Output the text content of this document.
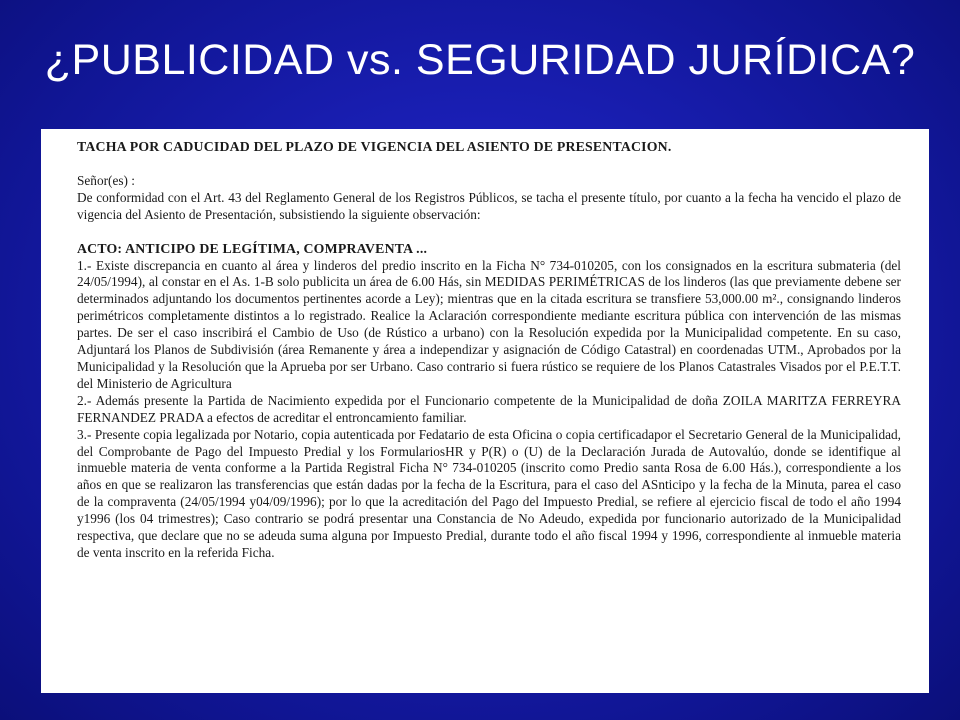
¿PUBLICIDAD vs. SEGURIDAD JURÍDICA?

TACHA POR CADUCIDAD DEL PLAZO DE VIGENCIA DEL ASIENTO DE PRESENTACION.

Señor(es) :

De conformidad con el Art. 43 del Reglamento General de los Registros Públicos, se tacha el presente título, por cuanto a la fecha ha vencido el plazo de vigencia del Asiento de Presentación, subsistiendo la siguiente observación:

ACTO: ANTICIPO DE LEGÍTIMA, COMPRAVENTA ...

1.- Existe discrepancia en cuanto al área y linderos del predio inscrito en la Ficha N° 734-010205, con los consignados en la escritura submateria (del 24/05/1994), al constar en el As. 1-B solo publicita un área de 6.00 Hás, sin MEDIDAS PERIMÉTRICAS de los linderos (las que previamente debene ser determinados adjuntando los documentos pertinentes acorde a Ley); mientras que en la citada escritura se transfiere 53,000.00 m²., consignando linderos perimétricos completamente distintos a lo registrado. Realice la Aclaración correspondiente mediante escritura pública con intervención de las mismas partes. De ser el caso inscribirá el Cambio de Uso (de Rústico a urbano) con la Resolución expedida por la Municipalidad competente. En su caso, Adjuntará los Planos de Subdivisión (área Remanente y área a independizar y asignación de Código Catastral) en coordenadas UTM., Aprobados por la Municipalidad y la Resolución que la Aprueba por ser Urbano. Caso contrario si fuera rústico se requiere de los Planos Catastrales Visados por el P.E.T.T. del Ministerio de Agricultura

2.- Además presente la Partida de Nacimiento expedida por el Funcionario competente de la Municipalidad de doña ZOILA MARITZA FERREYRA FERNANDEZ PRADA a efectos de acreditar el entroncamiento familiar.

3.- Presente copia legalizada por Notario, copia autenticada por Fedatario de esta Oficina o copia certificadapor el Secretario General de la Municipalidad, del Comprobante de Pago del Impuesto Predial y los FormulariosHR y P(R) o (U) de la Declaración Jurada de Autovalúo, donde se identifique al inmueble materia de venta conforme a la Partida Registral Ficha N° 734-010205 (inscrito como Predio santa Rosa de 6.00 Hás.), correspondiente a los años en que se realizaron las transferencias que están dadas por la fecha de la Escritura, para el caso del ASnticipo y la fecha de la Minuta, parea el caso de la compraventa (24/05/1994 y04/09/1996); por lo que la acreditación del Pago del Impuesto Predial, se refiere al ejercicio fiscal de todo el año 1994 y1996 (los 04 trimestres); Caso contrario se podrá presentar una Constancia de No Adeudo, expedida por funcionario autorizado de la Municipalidad respectiva, que declare que no se adeuda suma alguna por Impuesto Predial, durante todo el año fiscal 1994 y 1996, correspondiente al inmueble materia de venta inscrito en la referida Ficha.
